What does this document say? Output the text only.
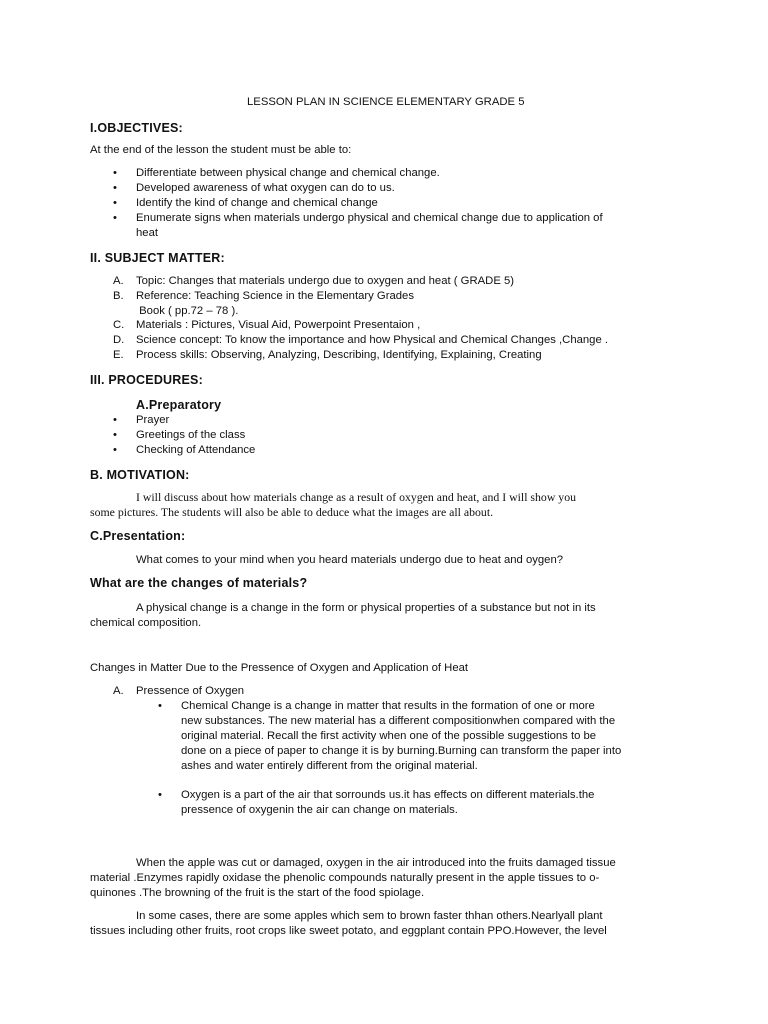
LESSON PLAN IN SCIENCE ELEMENTARY GRADE 5
I.OBJECTIVES:
At the end of the lesson the student must be able to:
• Differentiate between physical change and chemical change.
• Developed awareness of what oxygen can do to us.
• Identify the kind of change and chemical change
• Enumerate signs when materials undergo physical and chemical change due to application of
heat
II. SUBJECT MATTER:
A. Topic: Changes that materials undergo due to oxygen and heat ( GRADE 5)
B. Reference: Teaching Science in the Elementary Grades
Book ( pp.72 – 78 ).
C. Materials : Pictures, Visual Aid, Powerpoint Presentaion ,
D. Science concept: To know the importance and how Physical and Chemical Changes ,Change .
E. Process skills: Observing, Analyzing, Describing, Identifying, Explaining, Creating
III. PROCEDURES:
A.Preparatory
• Prayer
• Greetings of the class
• Checking of Attendance
B. MOTIVATION:
I will discuss about how materials change as a result of oxygen and heat, and I will show you
some pictures. The students will also be able to deduce what the images are all about.
C.Presentation:
What comes to your mind when you heard materials undergo due to heat and oygen?
What are the changes of materials?
A physical change is a change in the form or physical properties of a substance but not in its
chemical composition.
Changes in Matter Due to the Pressence of Oxygen and Application of Heat
A. Pressence of Oxygen
• Chemical Change is a change in matter that results in the formation of one or more
new substances. The new material has a different compositionwhen compared with the
original material. Recall the first activity when one of the possible suggestions to be
done on a piece of paper to change it is by burning.Burning can transform the paper into
ashes and water entirely different from the original material.
• Oxygen is a part of the air that sorrounds us.it has effects on different materials.the
pressence of oxygenin the air can change on materials.
When the apple was cut or damaged, oxygen in the air introduced into the fruits damaged tissue
material .Enzymes rapidly oxidase the phenolic compounds naturally present in the apple tissues to o-
quinones .The browning of the fruit is the start of the food spiolage.
In some cases, there are some apples which sem to brown faster thhan others.Nearlyall plant
tissues including other fruits, root crops like sweet potato, and eggplant contain PPO.However, the level
